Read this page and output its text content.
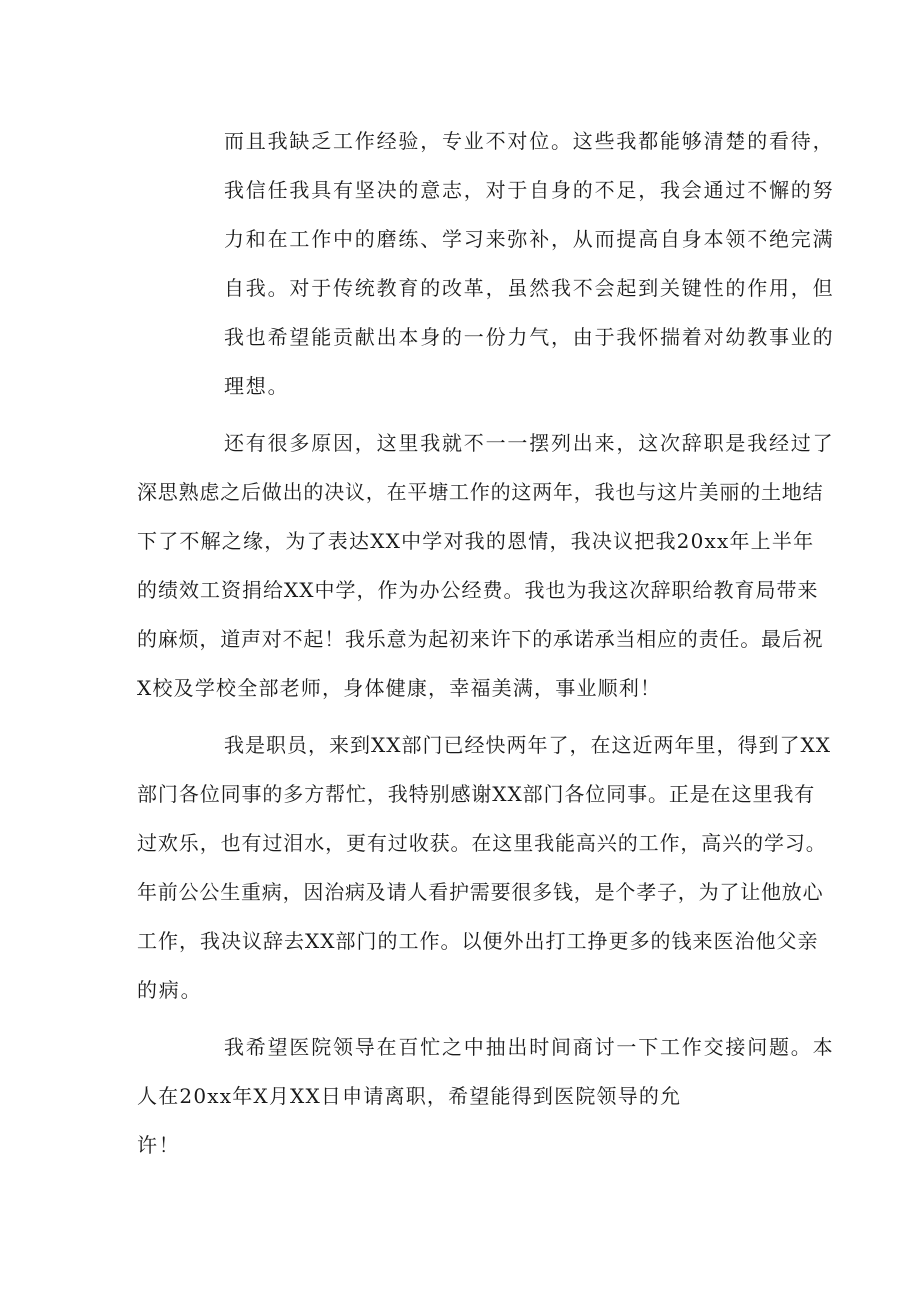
而且我缺乏工作经验，专业不对位。这些我都能够清楚的看待，

我信任我具有坚决的意志，对于自身的不足，我会通过不懈的努

力和在工作中的磨练、学习来弥补，从而提高自身本领不绝完满

自我。对于传统教育的改革，虽然我不会起到关键性的作用，但

我也希望能贡献出本身的一份力气，由于我怀揣着对幼教事业的

理想。

还有很多原因，这里我就不一一摆列出来，这次辞职是我经过了

深思熟虑之后做出的决议，在平塘工作的这两年，我也与这片美丽的土地结

下了不解之缘，为了表达XX中学对我的恩情，我决议把我20xx年上半年

的绩效工资捐给XX中学，作为办公经费。我也为我这次辞职给教育局带来

的麻烦，道声对不起！我乐意为起初来许下的承诺承当相应的责任。最后祝

X校及学校全部老师，身体健康，幸福美满，事业顺利！

我是职员，来到XX部门已经快两年了，在这近两年里，得到了XX

部门各位同事的多方帮忙，我特别感谢XX部门各位同事。正是在这里我有

过欢乐，也有过泪水，更有过收获。在这里我能高兴的工作，高兴的学习。

年前公公生重病，因治病及请人看护需要很多钱，是个孝子，为了让他放心

工作，我决议辞去XX部门的工作。以便外出打工挣更多的钱来医治他父亲

的病。

我希望医院领导在百忙之中抽出时间商讨一下工作交接问题。本

人在20xx年X月XX日申请离职，希望能得到医院领导的允

许！
